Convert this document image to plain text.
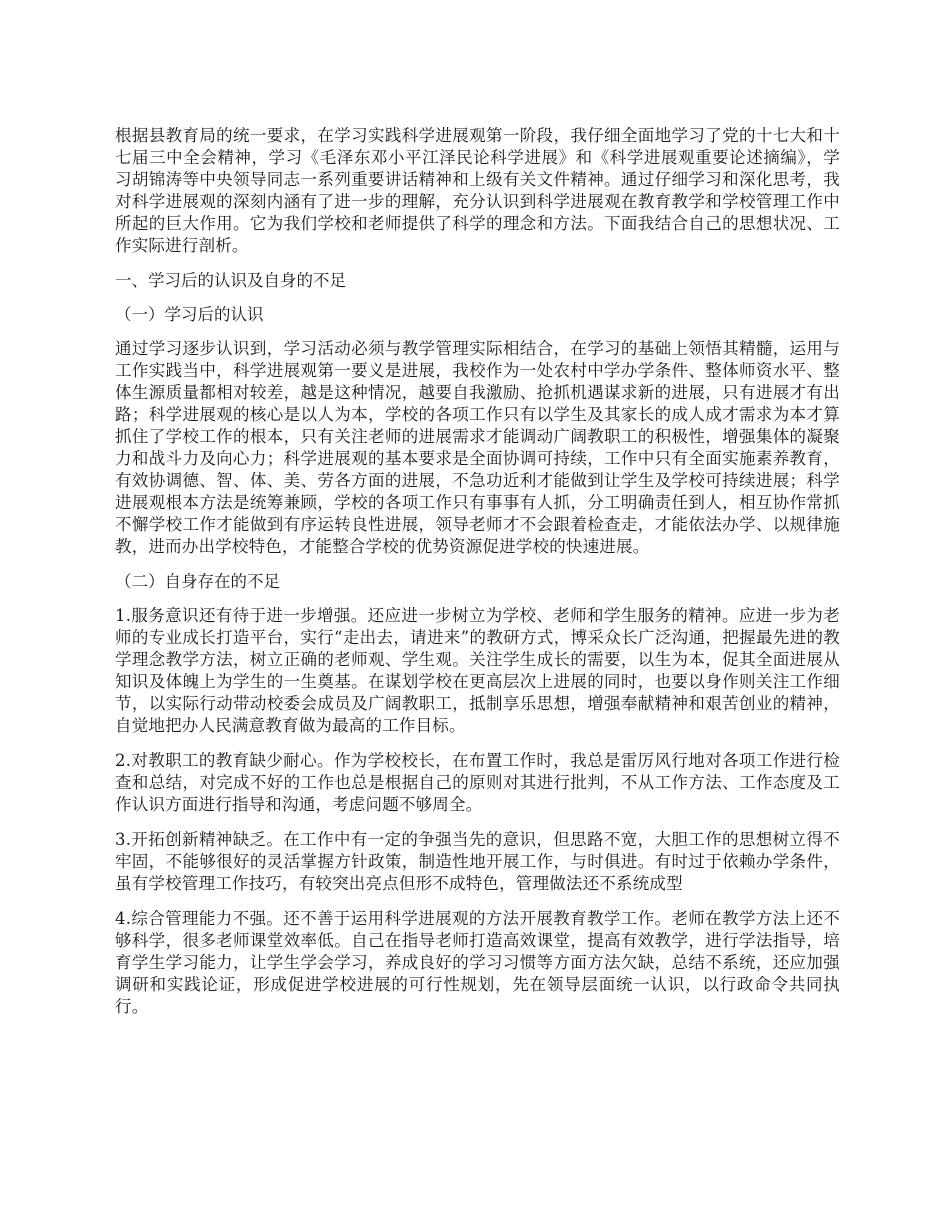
根据县教育局的统一要求，在学习实践科学进展观第一阶段，我仔细全面地学习了党的十七大和十七届三中全会精神，学习《毛泽东邓小平江泽民论科学进展》和《科学进展观重要论述摘编》，学习胡锦涛等中央领导同志一系列重要讲话精神和上级有关文件精神。通过仔细学习和深化思考，我对科学进展观的深刻内涵有了进一步的理解，充分认识到科学进展观在教育教学和学校管理工作中所起的巨大作用。它为我们学校和老师提供了科学的理念和方法。下面我结合自己的思想状况、工作实际进行剖析。

一、学习后的认识及自身的不足

（一）学习后的认识

通过学习逐步认识到，学习活动必须与教学管理实际相结合，在学习的基础上领悟其精髓，运用与工作实践当中，科学进展观第一要义是进展，我校作为一处农村中学办学条件、整体师资水平、整体生源质量都相对较差，越是这种情况，越要自我激励、抢抓机遇谋求新的进展，只有进展才有出路；科学进展观的核心是以人为本，学校的各项工作只有以学生及其家长的成人成才需求为本才算抓住了学校工作的根本，只有关注老师的进展需求才能调动广阔教职工的积极性，增强集体的凝聚力和战斗力及向心力；科学进展观的基本要求是全面协调可持续，工作中只有全面实施素养教育，有效协调德、智、体、美、劳各方面的进展，不急功近利才能做到让学生及学校可持续进展；科学进展观根本方法是统筹兼顾，学校的各项工作只有事事有人抓，分工明确责任到人，相互协作常抓不懈学校工作才能做到有序运转良性进展，领导老师才不会跟着检查走，才能依法办学、以规律施教，进而办出学校特色，才能整合学校的优势资源促进学校的快速进展。

（二）自身存在的不足

1.服务意识还有待于进一步增强。还应进一步树立为学校、老师和学生服务的精神。应进一步为老师的专业成长打造平台，实行“走出去，请进来”的教研方式，博采众长广泛沟通，把握最先进的教学理念教学方法，树立正确的老师观、学生观。关注学生成长的需要，以生为本，促其全面进展从知识及体魄上为学生的一生奠基。在谋划学校在更高层次上进展的同时，也要以身作则关注工作细节，以实际行动带动校委会成员及广阔教职工，抵制享乐思想，增强奉献精神和艰苦创业的精神，自觉地把办人民满意教育做为最高的工作目标。

2.对教职工的教育缺少耐心。作为学校校长，在布置工作时，我总是雷厉风行地对各项工作进行检查和总结，对完成不好的工作也总是根据自己的原则对其进行批判，不从工作方法、工作态度及工作认识方面进行指导和沟通，考虑问题不够周全。

3.开拓创新精神缺乏。在工作中有一定的争强当先的意识，但思路不宽，大胆工作的思想树立得不牢固，不能够很好的灵活掌握方针政策，制造性地开展工作，与时俱进。有时过于依赖办学条件，虽有学校管理工作技巧，有较突出亮点但形不成特色，管理做法还不系统成型

4.综合管理能力不强。还不善于运用科学进展观的方法开展教育教学工作。老师在教学方法上还不够科学，很多老师课堂效率低。自己在指导老师打造高效课堂，提高有效教学，进行学法指导，培育学生学习能力，让学生学会学习，养成良好的学习习惯等方面方法欠缺，总结不系统，还应加强调研和实践论证，形成促进学校进展的可行性规划，先在领导层面统一认识，以行政命令共同执行。
